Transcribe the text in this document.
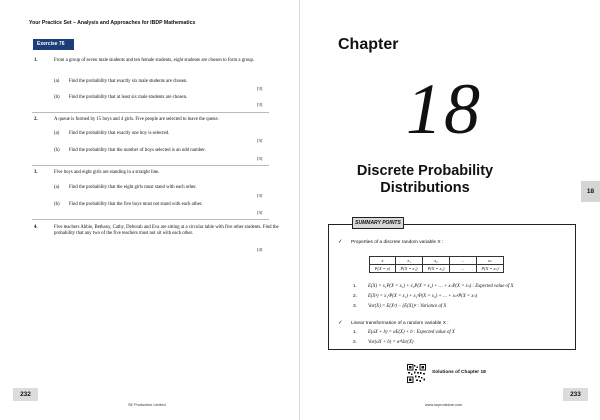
Your Practice Set – Analysis and Approaches for IBDP Mathematics
Exercise 76
1.	From a group of seven male students and ten female students, eight students are chosen to form a group.
(a) Find the probability that exactly six male students are chosen.
[3]
(b) Find the probability that at least six male students are chosen.
[3]
2.	A queue is formed by 15 boys and 4 girls. Five people are selected to leave the queue.
(a) Find the probability that exactly one boy is selected.
[3]
(b) Find the probability that the number of boys selected is an odd number.
[3]
3.	Five boys and eight girls are standing in a straight line.
(a) Find the probability that the eight girls must stand with each other.
[3]
(b) Find the probability that the five boys must not stand with each other.
[3]
4.	Five teachers Abbie, Bethany, Cathy, Deborah and Eva are sitting at a circular table with five other students. Find the probability that any two of the five teachers must not sit with each other.
[4]
232
SE Production Limited
Chapter
18
Discrete Probability
Distributions	18
SUMMARY POINTS
✓ Properties of a discrete random variable X :
x	x₁	x₂	...	xₙ
P(X = x)	P(X = x₁)	P(X = x₂)	...	P(X = xₙ)
1. E(X) = x₁P(X = x₁) + x₂P(X = x₂) + … + xₙP(X = xₙ) : Expected value of X
2. E(X²) = x₁²P(X = x₁) + x₂²P(X = x₂) + … + xₙ²P(X = xₙ)
3. Var(X) = E(X²) − (E(X))² : Variance of X
✓ Linear transformation of a random variable X :
1. E(aX + b) = aE(X) + b : Expected value of X
2. Var(aX + b) = a²Var(X)
Solutions of Chapter 18
233
www.seprodstore.com
